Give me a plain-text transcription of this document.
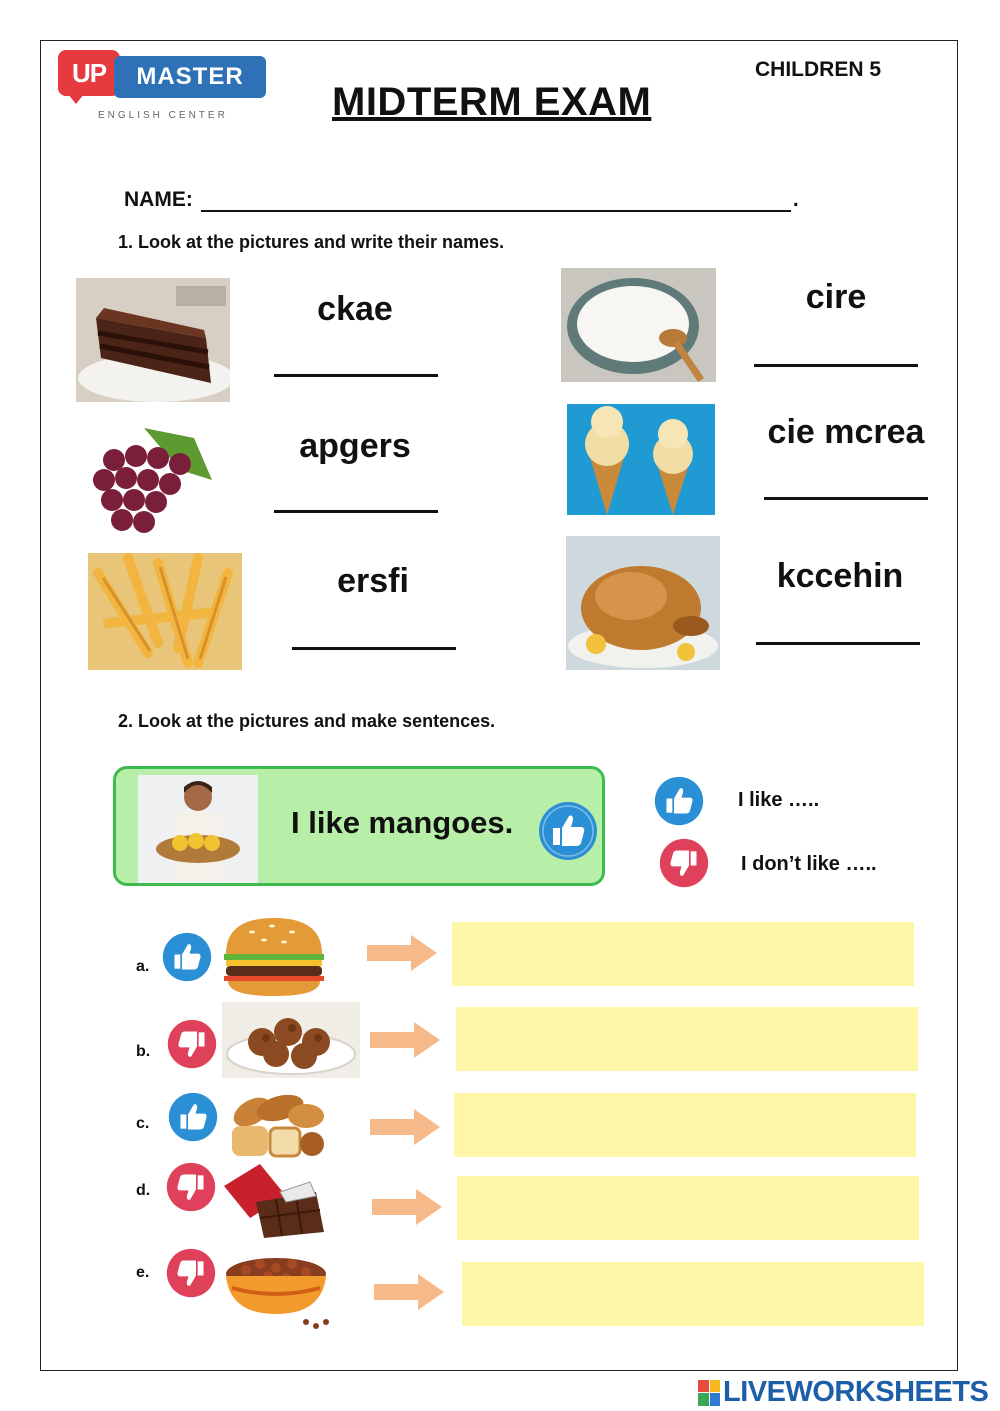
UP	MASTER
ENGLISH CENTER	MIDTERM EXAM
CHILDREN 5
NAME:	.
1. Look at the pictures and write their names.
ckae	cire
apgers	cie mcrea
ersfi	kccehin
2. Look at the pictures and make sentences.
I like mangoes.
I like …..
I don’t like …..
a.
b.
c.
d.
e.
LIVEWORKSHEETS
